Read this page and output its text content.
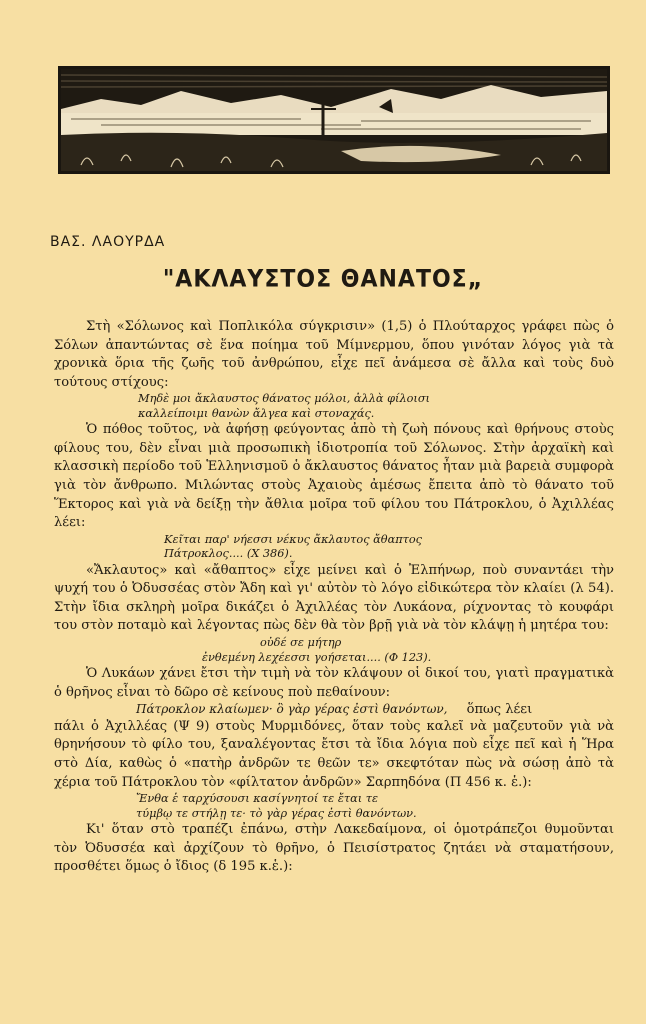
ΒΑΣ. ΛΑΟΥΡΔΑ
"ΑΚΛΑΥΣΤΟΣ ΘΑΝΑΤΟΣ„

Στὴ «Σόλωνος καὶ Ποπλικόλα σύγκρισιν» (1,5) ὁ Πλούταρχος γράφει πὼς ὁ Σόλων ἀπαντώντας σὲ ἕνα ποίημα τοῦ Μίμνερμου, ὅπου γινόταν λόγος γιὰ τὰ χρονικὰ ὅρια τῆς ζωῆς τοῦ ἀνθρώπου, εἶχε πεῖ ἀνάμεσα σὲ ἄλλα καὶ τοὺς δυὸ τούτους στίχους:

Μηδὲ μοι ἄκλαυστος θάνατος μόλοι, ἀλλὰ φίλοισι

καλλείποιμι θανὼν ἄλγεα καὶ στοναχάς.

Ὁ πόθος τοῦτος, νὰ ἀφήσῃ φεύγοντας ἀπὸ τὴ ζωὴ πόνους καὶ θρήνους στοὺς φίλους του, δὲν εἶναι μιὰ προσωπικὴ ἰδιοτροπία τοῦ Σόλωνος. Στὴν ἀρχαϊκὴ καὶ κλασσικὴ περίοδο τοῦ Ἑλληνισμοῦ ὁ ἄκλαυστος θάνατος ἦταν μιὰ βαρειὰ συμφορὰ γιὰ τὸν ἄνθρωπο. Μιλώντας στοὺς Ἀχαιοὺς ἀμέσως ἔπειτα ἀπὸ τὸ θάνατο τοῦ Ἕκτορος καὶ γιὰ νὰ δείξῃ τὴν ἄθλια μοῖρα τοῦ φίλου του Πάτροκλου, ὁ Ἀχιλλέας λέει:

Κεῖται παρ' νήεσσι νέκυς ἄκλαυτος ἄθαπτος

Πάτροκλος.... (Χ 386).

«Ἄκλαυτος» καὶ «ἄθαπτος» εἶχε μείνει καὶ ὁ Ἐλπήνωρ, ποὺ συναντάει τὴν ψυχή του ὁ Ὀδυσσέας στὸν Ἄδη καὶ γι' αὐτὸν τὸ λόγο εἰδικώτερα τὸν κλαίει (λ 54). Στὴν ἴδια σκληρὴ μοῖρα δικάζει ὁ Ἀχιλλέας τὸν Λυκάονα, ρίχνοντας τὸ κουφάρι του στὸν ποταμὸ καὶ λέγοντας πὼς δὲν θὰ τὸν βρῇ γιὰ νὰ τὸν κλάψῃ ἡ μητέρα του:

οὐδέ σε μήτηρ

ἐνθεμένη λεχέεσσι γοήσεται.... (Φ 123).

Ὁ Λυκάων χάνει ἔτσι τὴν τιμὴ νὰ τὸν κλάψουν οἱ δικοί του, γιατὶ πραγματικὰ ὁ θρῆνος εἶναι τὸ δῶρο σὲ κείνους ποὺ πεθαίνουν:

Πάτροκλον κλαίωμεν· ὃ γὰρ γέρας ἐστὶ θανόντων, ὅπως λέει

πάλι ὁ Ἀχιλλέας (Ψ 9) στοὺς Μυρμιδόνες, ὅταν τοὺς καλεῖ νὰ μαζευτοῦν γιὰ νὰ θρηνήσουν τὸ φίλο του, ξαναλέγοντας ἔτσι τὰ ἴδια λόγια ποὺ εἶχε πεῖ καὶ ἡ Ἥρα στὸ Δία, καθὼς ὁ «πατὴρ ἀνδρῶν τε θεῶν τε» σκεφτόταν πὼς νὰ σώσῃ ἀπὸ τὰ χέρια τοῦ Πάτροκλου τὸν «φίλτατον ἀνδρῶν» Σαρπηδόνα (Π 456 κ. ἑ.):

Ἔνθα ἑ ταρχύσουσι κασίγνητοί τε ἔται τε

τύμβῳ τε στήλῃ τε· τὸ γὰρ γέρας ἐστὶ θανόντων.

Κι' ὅταν στὸ τραπέζι ἐπάνω, στὴν Λακεδαίμονα, οἱ ὁμοτράπεζοι θυμοῦνται τὸν Ὀδυσσέα καὶ ἀρχίζουν τὸ θρῆνο, ὁ Πεισίστρατος ζητάει νὰ σταματήσουν, προσθέτει ὅμως ὁ ἴδιος (δ 195 κ.ἑ.):
